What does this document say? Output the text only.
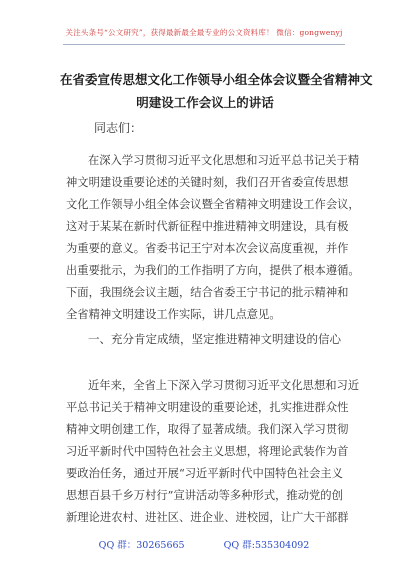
关注头条号“公文研究”，获得最新最全最专业的公文资料库！ 微信：gongwenyj
在省委宣传思想文化工作领导小组全体会议暨全省精神文
明建设工作会议上的讲话
同志们：
在深入学习贯彻习近平文化思想和习近平总书记关于精
神文明建设重要论述的关键时刻，我们召开省委宣传思想
文化工作领导小组全体会议暨全省精神文明建设工作会议，
这对于某某在新时代新征程中推进精神文明建设，具有极
为重要的意义。省委书记王宁对本次会议高度重视，并作
出重要批示，为我们的工作指明了方向，提供了根本遵循。
下面，我围绕会议主题，结合省委王宁书记的批示精神和
全省精神文明建设工作实际，讲几点意见。
一、充分肯定成绩，坚定推进精神文明建设的信心
近年来，全省上下深入学习贯彻习近平文化思想和习近
平总书记关于精神文明建设的重要论述，扎实推进群众性
精神文明创建工作，取得了显著成绩。我们深入学习贯彻
习近平新时代中国特色社会主义思想，将理论武装作为首
要政治任务，通过开展“习近平新时代中国特色社会主义
思想百县千乡万村行”宣讲活动等多种形式，推动党的创
新理论进农村、进社区、进企业、进校园，让广大干部群
QQ 群：30265665	QQ 群:535304092
